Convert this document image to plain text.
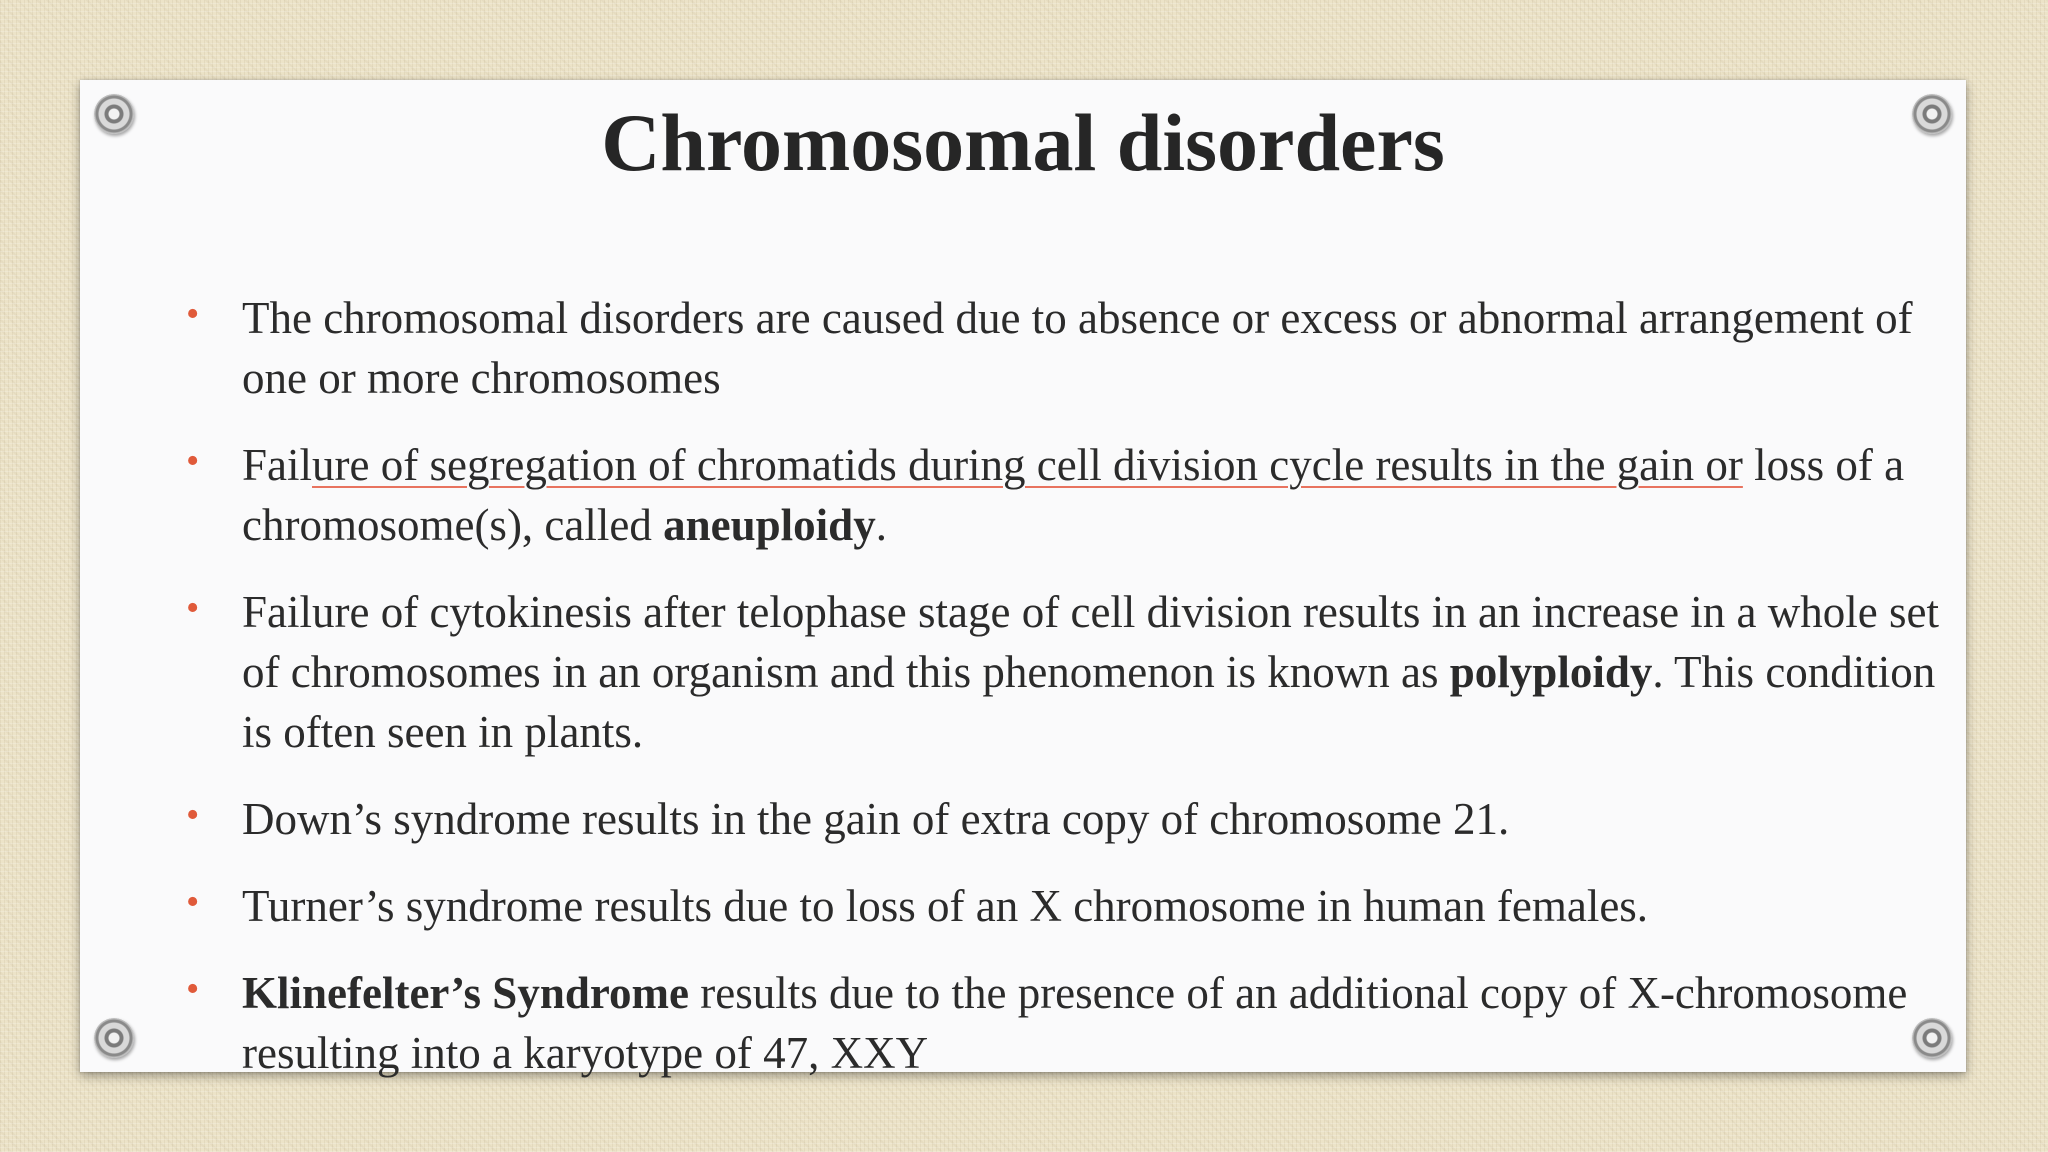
Chromosomal disorders
• The chromosomal disorders are caused due to absence or excess or abnormal arrangement of one or more chromosomes
• Failure of segregation of chromatids during cell division cycle results in the gain or loss of a chromosome(s), called aneuploidy.
• Failure of cytokinesis after telophase stage of cell division results in an increase in a whole set of chromosomes in an organism and this phenomenon is known as polyploidy. This condition is often seen in plants.
• Down’s syndrome results in the gain of extra copy of chromosome 21.
• Turner’s syndrome results due to loss of an X chromosome in human females.
• Klinefelter’s Syndrome results due to the presence of an additional copy of X-chromosome resulting into a karyotype of 47, XXY
